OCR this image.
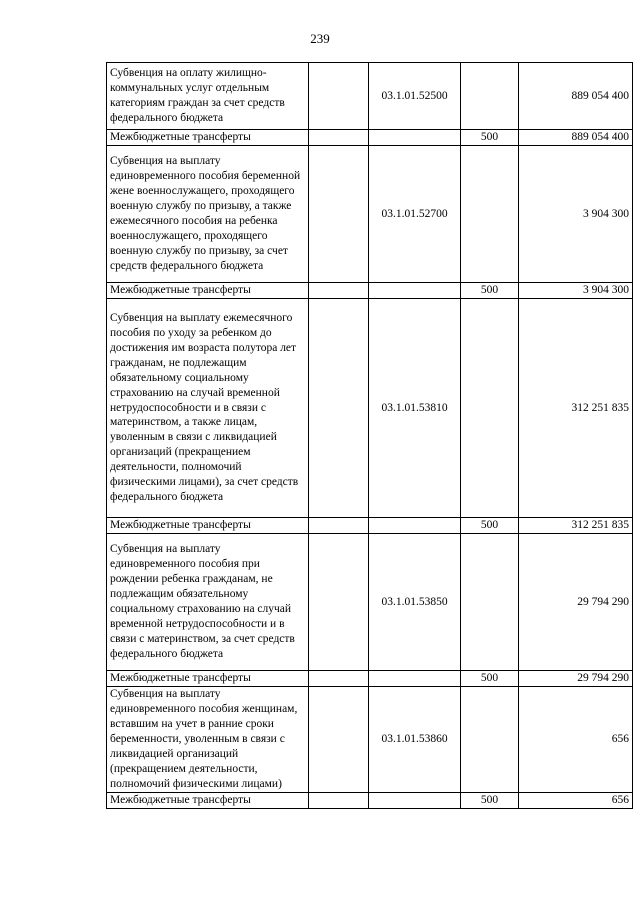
239
Субвенция на оплату жилищно-коммунальных услуг отдельным категориям граждан за счет средств федерального бюджета		03.1.01.52500		889 054 400
Межбюджетные трансферты			500	889 054 400
Субвенция на выплату единовременного пособия беременной жене военнослужащего, проходящего военную службу по призыву, а также ежемесячного пособия на ребенка военнослужащего, проходящего военную службу по призыву, за счет средств федерального бюджета		03.1.01.52700		3 904 300
Межбюджетные трансферты			500	3 904 300
Субвенция на выплату ежемесячного пособия по уходу за ребенком до достижения им возраста полутора лет гражданам, не подлежащим обязательному социальному страхованию на случай временной нетрудоспособности и в связи с материнством, а также лицам, уволенным в связи с ликвидацией организаций (прекращением деятельности, полномочий физическими лицами), за счет средств федерального бюджета		03.1.01.53810		312 251 835
Межбюджетные трансферты			500	312 251 835
Субвенция на выплату единовременного пособия при рождении ребенка гражданам, не подлежащим обязательному социальному страхованию на случай временной нетрудоспособности и в связи с материнством, за счет средств федерального бюджета		03.1.01.53850		29 794 290
Межбюджетные трансферты			500	29 794 290
Субвенция на выплату единовременного пособия женщинам, вставшим на учет в ранние сроки беременности, уволенным в связи с ликвидацией организаций (прекращением деятельности, полномочий физическими лицами)		03.1.01.53860		656
Межбюджетные трансферты			500	656
